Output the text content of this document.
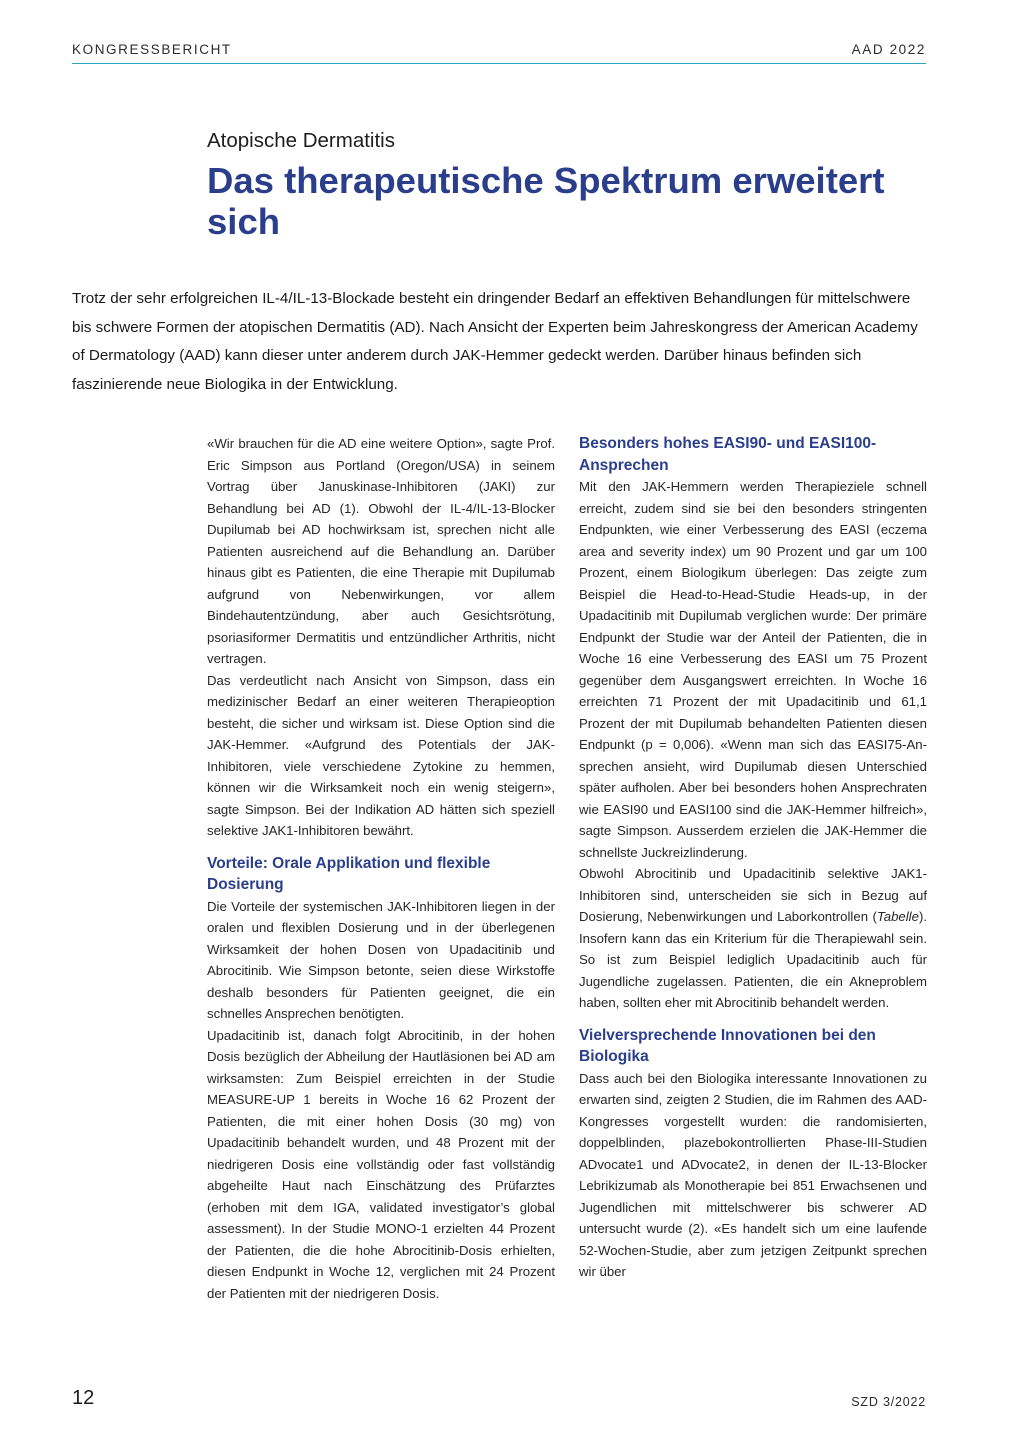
KONGRESSBERICHT	AAD 2022
Atopische Dermatitis
Das therapeutische Spektrum erweitert sich

Trotz der sehr erfolgreichen IL-4/IL-13-Blockade besteht ein dringender Bedarf an effektiven Behandlungen für mittelschwere bis schwere Formen der atopischen Dermatitis (AD). Nach Ansicht der Experten beim Jahreskongress der American Academy of Dermatology (AAD) kann dieser unter anderem durch JAK-Hemmer gedeckt werden. Darüber hinaus befinden sich faszinierende neue Biologika in der Entwicklung.

«Wir brauchen für die AD eine weitere Option», sagte Prof. Eric Simpson aus Portland (Oregon/USA) in seinem Vortrag über Januskinase-Inhibitoren (JAKI) zur Behandlung bei AD (1). Obwohl der IL-4/IL-13-Blocker Dupilumab bei AD hochwirksam ist, sprechen nicht alle Patienten ausreichend auf die Behandlung an. Darüber hinaus gibt es Patienten, die eine Therapie mit Dupilumab aufgrund von Nebenwirkungen, vor allem Bindehautentzündung, aber auch Gesichtsrötung, psoriasiformer Dermatitis und entzündlicher Arthritis, nicht vertragen.

Das verdeutlicht nach Ansicht von Simpson, dass ein medizinischer Bedarf an einer weiteren Therapieoption besteht, die sicher und wirksam ist. Diese Option sind die JAK-Hemmer. «Aufgrund des Potentials der JAK-Inhibitoren, viele verschiedene Zytokine zu hemmen, können wir die Wirksamkeit noch ein wenig steigern», sagte Simpson. Bei der Indikation AD hätten sich speziell selektive JAK1-Inhibitoren bewährt.

Vorteile: Orale Applikation und flexible Dosierung

Die Vorteile der systemischen JAK-Inhibitoren liegen in der oralen und flexiblen Dosierung und in der überlegenen Wirksamkeit der hohen Dosen von Upadacitinib und Abrocitinib. Wie Simpson betonte, seien diese Wirkstoffe deshalb besonders für Patienten geeignet, die ein schnelles Ansprechen benötigten.

Upadacitinib ist, danach folgt Abrocitinib, in der hohen Dosis bezüglich der Abheilung der Hautläsionen bei AD am wirksamsten: Zum Beispiel erreichten in der Studie MEASURE-UP 1 bereits in Woche 16 62 Prozent der Patienten, die mit einer hohen Dosis (30 mg) von Upadacitinib behandelt wurden, und 48 Prozent mit der niedrigeren Dosis eine vollständig oder fast vollständig abgeheilte Haut nach Einschätzung des Prüfarztes (erhoben mit dem IGA, validated investigator’s global assessment). In der Studie MONO-1 erzielten 44 Prozent der Patienten, die die hohe Abrocitinib-Dosis erhielten, diesen Endpunkt in Woche 12, verglichen mit 24 Prozent der Patienten mit der niedrigeren Dosis.

Besonders hohes EASI90- und EASI100-Ansprechen

Mit den JAK-Hemmern werden Therapieziele schnell erreicht, zudem sind sie bei den besonders stringenten Endpunkten, wie einer Verbesserung des EASI (eczema area and severity index) um 90 Prozent und gar um 100 Prozent, einem Biologikum überlegen: Das zeigte zum Beispiel die Head-to-Head-Studie Heads-up, in der Upadacitinib mit Dupilumab verglichen wurde: Der primäre Endpunkt der Studie war der Anteil der Patienten, die in Woche 16 eine Verbesserung des EASI um 75 Prozent gegenüber dem Ausgangswert erreichten. In Woche 16 erreichten 71 Prozent der mit Upadacitinib und 61,1 Prozent der mit Dupilumab behandelten Patienten diesen Endpunkt (p = 0,006). «Wenn man sich das EASI75-Ansprechen ansieht, wird Dupilumab diesen Unterschied später aufholen. Aber bei besonders hohen Ansprechraten wie EASI90 und EASI100 sind die JAK-Hemmer hilfreich», sagte Simpson. Ausserdem erzielen die JAK-Hemmer die schnellste Juckreizlinderung.

Obwohl Abrocitinib und Upadacitinib selektive JAK1-Inhibitoren sind, unterscheiden sie sich in Bezug auf Dosierung, Nebenwirkungen und Laborkontrollen (Tabelle). Insofern kann das ein Kriterium für die Therapiewahl sein. So ist zum Beispiel lediglich Upadacitinib auch für Jugendliche zugelassen. Patienten, die ein Akneproblem haben, sollten eher mit Abrocitinib behandelt werden.

Vielversprechende Innovationen bei den Biologika

Dass auch bei den Biologika interessante Innovationen zu erwarten sind, zeigten 2 Studien, die im Rahmen des AAD-Kongresses vorgestellt wurden: die randomisierten, doppelblinden, plazebokontrollierten Phase-III-Studien ADvocate1 und ADvocate2, in denen der IL-13-Blocker Lebrikizumab als Monotherapie bei 851 Erwachsenen und Jugendlichen mit mittelschwerer bis schwerer AD untersucht wurde (2). «Es handelt sich um eine laufende 52-Wochen-Studie, aber zum jetzigen Zeitpunkt sprechen wir über

12	SZD 3/2022
